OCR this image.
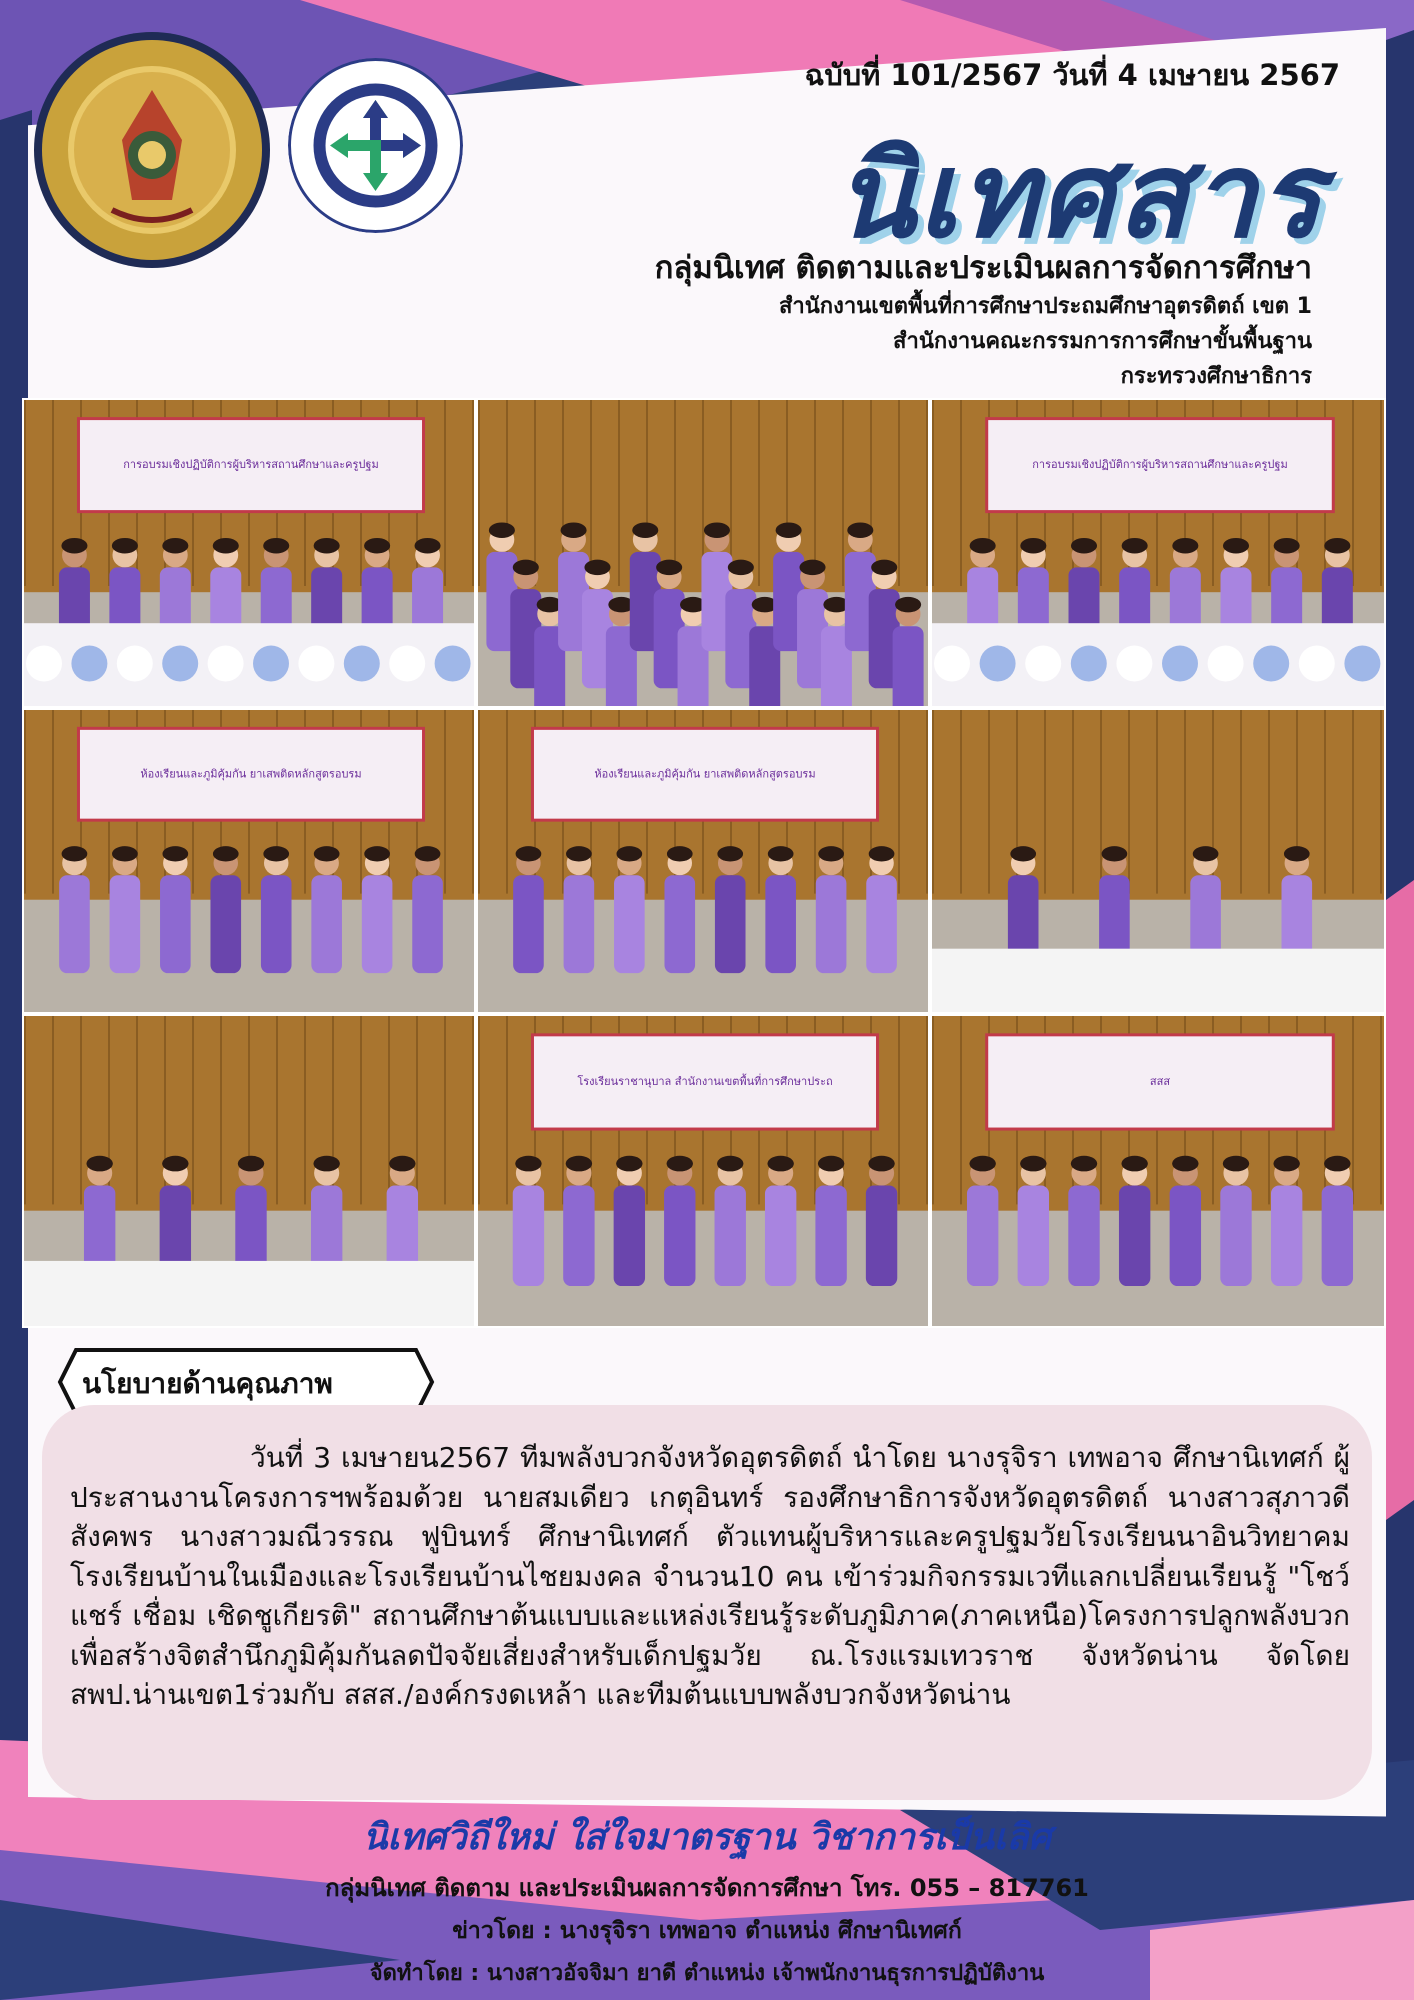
ฉบับที่ 101/2567 วันที่ 4 เมษายน 2567
นิเทศสาร
กลุ่มนิเทศ ติดตามและประเมินผลการจัดการศึกษา
สำนักงานเขตพื้นที่การศึกษาประถมศึกษาอุตรดิตถ์ เขต 1
สำนักงานคณะกรรมการการศึกษาขั้นพื้นฐาน
กระทรวงศึกษาธิการ
การอบรมเชิงปฏิบัติการผู้บริหารสถานศึกษาและครูปฐม	การอบรมเชิงปฏิบัติการผู้บริหารสถานศึกษาและครูปฐม
ห้องเรียนและภูมิคุ้มกัน ยาเสพติดหลักสูตรอบรม	ห้องเรียนและภูมิคุ้มกัน ยาเสพติดหลักสูตรอบรม
โรงเรียนราชานุบาล สำนักงานเขตพื้นที่การศึกษาประถ	สสส
นโยบายด้านคุณภาพ
วันที่ 3 เมษายน2567 ทีมพลังบวกจังหวัดอุตรดิตถ์ นำโดย นางรุจิรา เทพอาจ ศึกษานิเทศก์ ผู้ประสานงานโครงการฯพร้อมด้วย นายสมเดียว เกตุอินทร์ รองศึกษาธิการจังหวัดอุตรดิตถ์ นางสาวสุภาวดี สังคพร นางสาวมณีวรรณ ฟูบินทร์ ศึกษานิเทศก์ ตัวแทนผู้บริหารและครูปฐมวัยโรงเรียนนาอินวิทยาคม โรงเรียนบ้านในเมืองและโรงเรียนบ้านไชยมงคล จำนวน10 คน เข้าร่วมกิจกรรมเวทีแลกเปลี่ยนเรียนรู้ "โชว์ แชร์ เชื่อม เชิดชูเกียรติ" สถานศึกษาต้นแบบและแหล่งเรียนรู้ระดับภูมิภาค(ภาคเหนือ)โครงการปลูกพลังบวกเพื่อสร้างจิตสำนึกภูมิคุ้มกันลดปัจจัยเสี่ยงสำหรับเด็กปฐมวัย ณ.โรงแรมเทวราช จังหวัดน่าน จัดโดย สพป.น่านเขต1ร่วมกับ สสส./องค์กรงดเหล้า และทีมต้นแบบพลังบวกจังหวัดน่าน
นิเทศวิถีใหม่ ใส่ใจมาตรฐาน วิชาการเป็นเลิศ
กลุ่มนิเทศ ติดตาม และประเมินผลการจัดการศึกษา โทร. 055 – 817761
ข่าวโดย : นางรุจิรา เทพอาจ ตำแหน่ง ศึกษานิเทศก์
จัดทำโดย : นางสาวอัจจิมา ยาดี ตำแหน่ง เจ้าพนักงานธุรการปฏิบัติงาน
